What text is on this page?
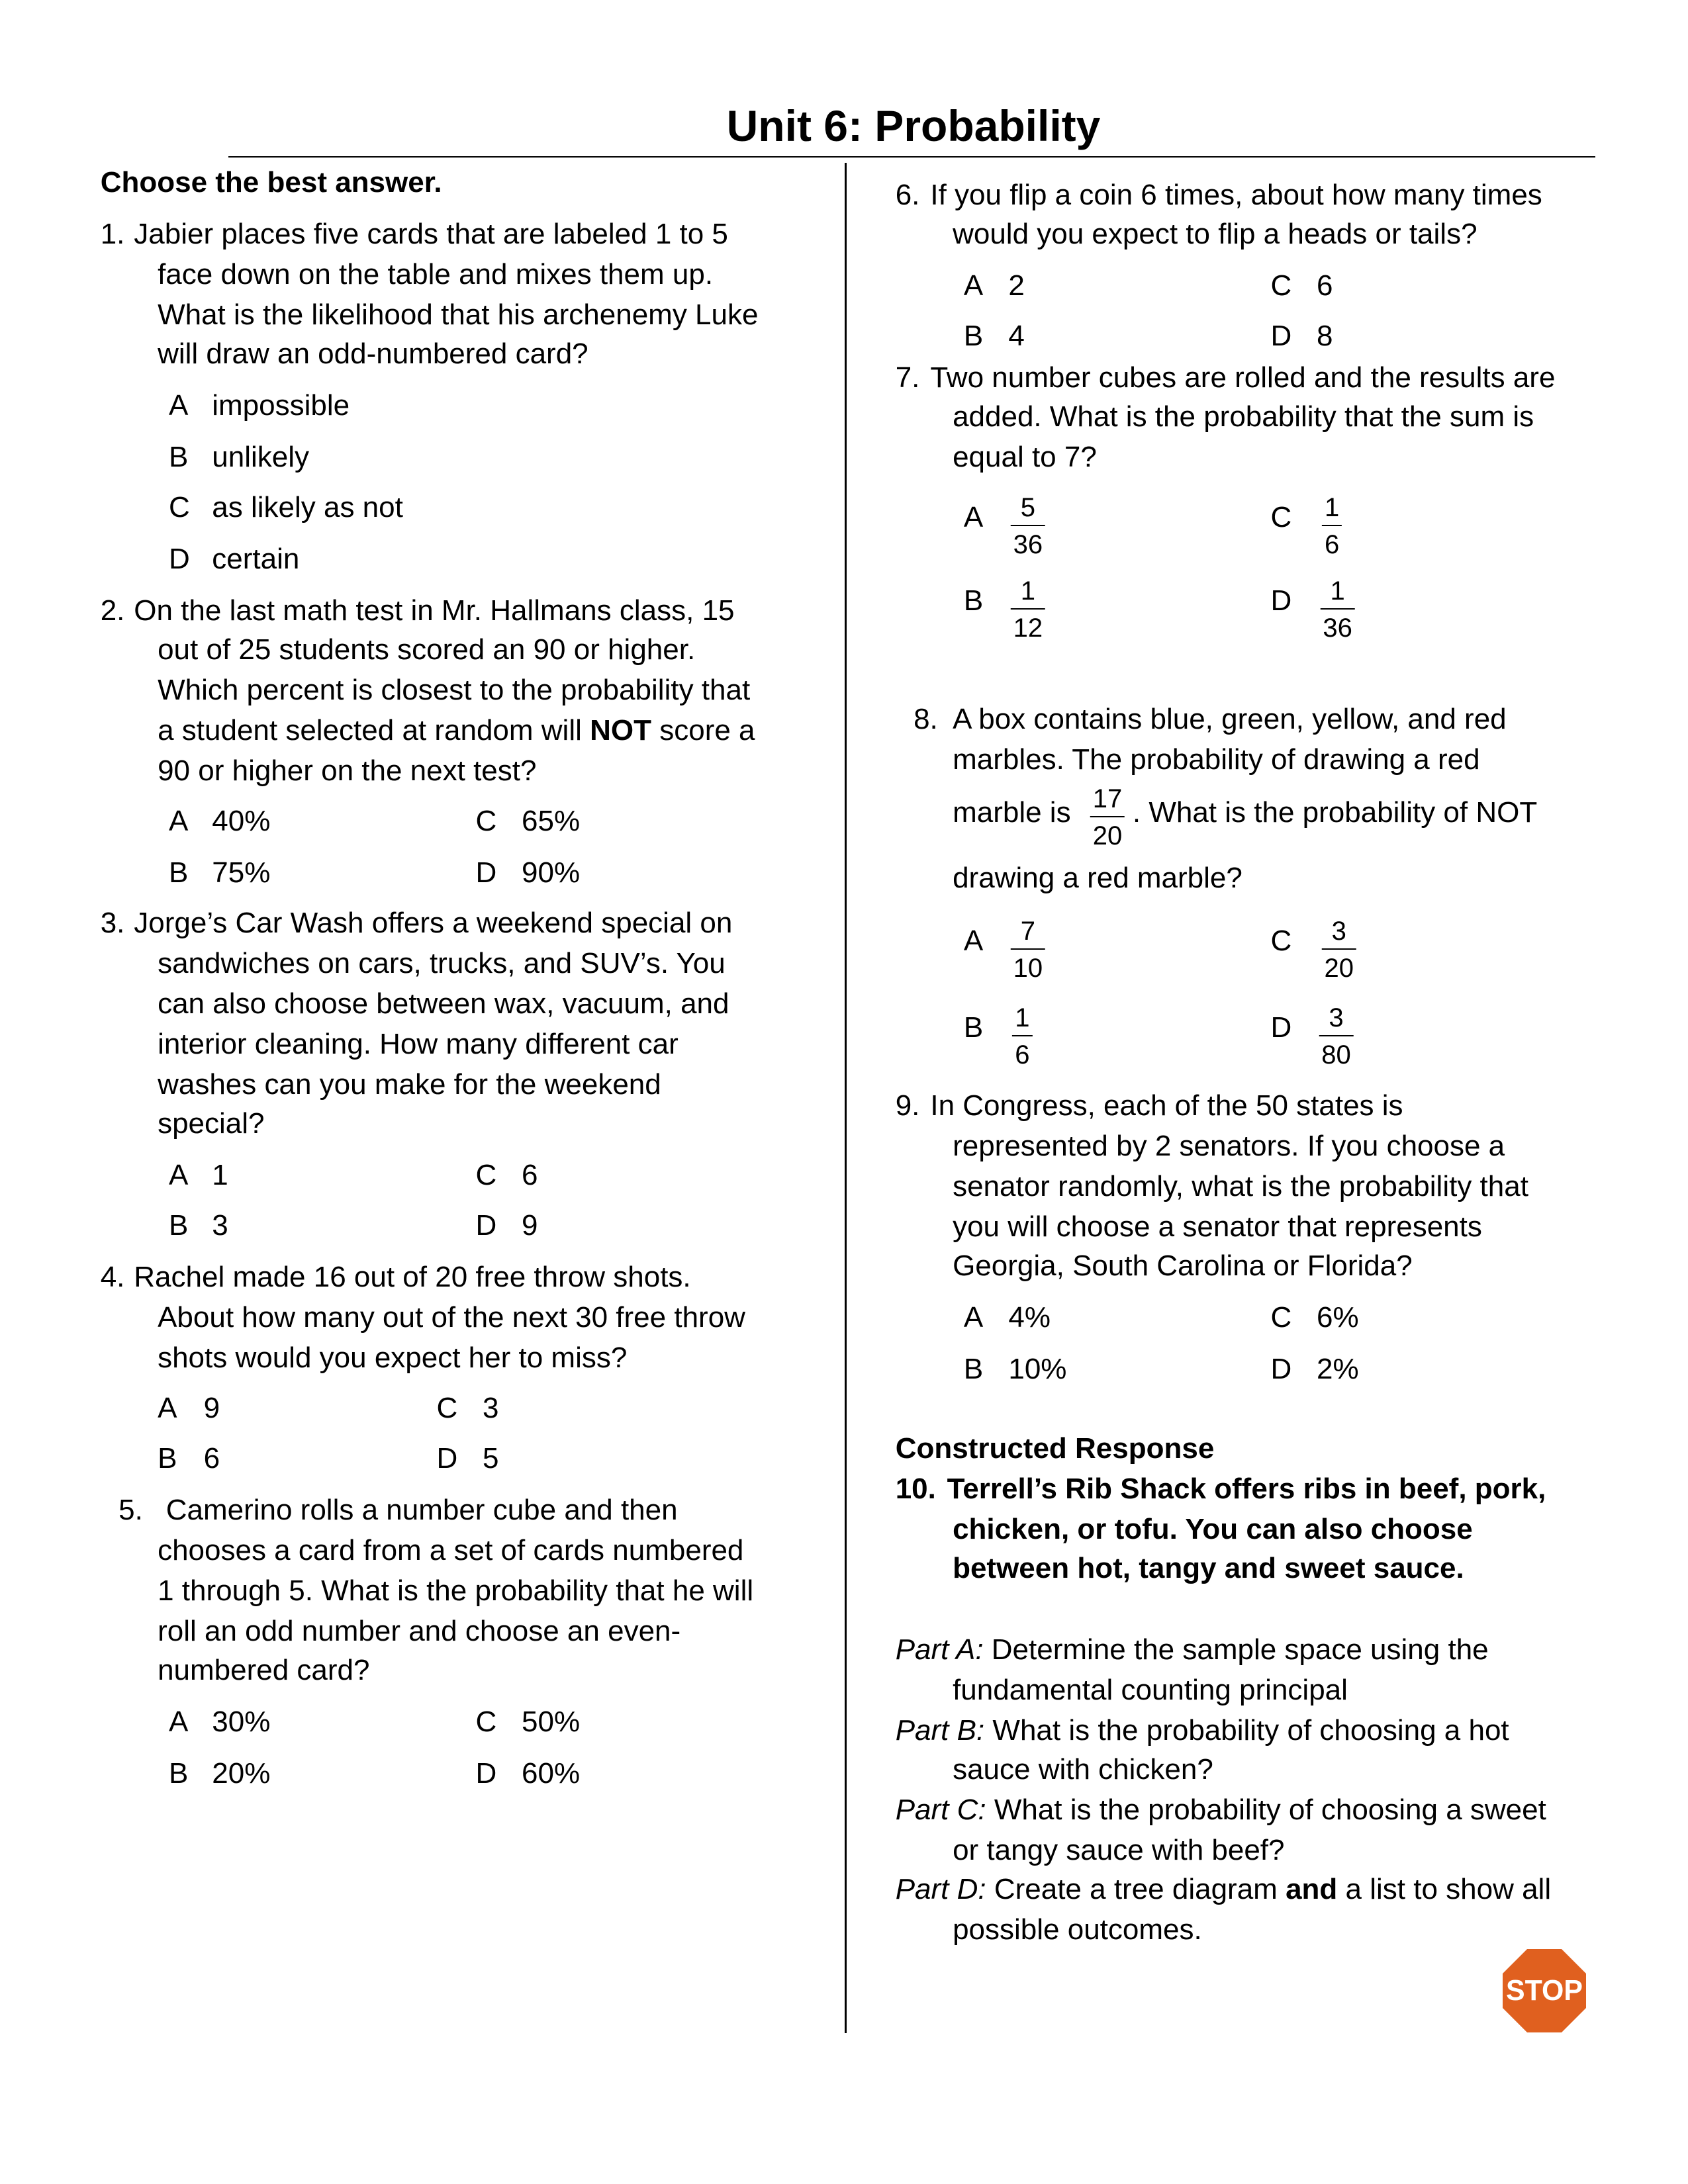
Unit 6: Probability
Choose the best answer.
1. Jabier places five cards that are labeled 1 to 5
face down on the table and mixes them up.
What is the likelihood that his archenemy Luke
will draw an odd-numbered card?
A impossible
B unlikely
C as likely as not
D certain
2. On the last math test in Mr. Hallmans class, 15
out of 25 students scored an 90 or higher.
Which percent is closest to the probability that
a student selected at random will NOT score a
90 or higher on the next test?
A 40%
B 75%
C 65%
D 90%
3. Jorge’s Car Wash offers a weekend special on
sandwiches on cars, trucks, and SUV’s. You
can also choose between wax, vacuum, and
interior cleaning. How many different car
washes can you make for the weekend
special?
A 1
B 3
C 6
D 9
4. Rachel made 16 out of 20 free throw shots.
About how many out of the next 30 free throw
shots would you expect her to miss?
A 9
B 6
C 3
D 5
5. Camerino rolls a number cube and then
chooses a card from a set of cards numbered
1 through 5. What is the probability that he will
roll an odd number and choose an even-
numbered card?
A 30%
B 20%
C 50%
D 60%
6. If you flip a coin 6 times, about how many times
would you expect to flip a heads or tails?
A 2
B 4
C 6
D 8
7. Two number cubes are rolled and the results are
added. What is the probability that the sum is
equal to 7?
A $\frac{5}{36}$
B $\frac{1}{12}$
C $\frac{1}{6}$
D $\frac{1}{36}$
8. A box contains blue, green, yellow, and red
marbles. The probability of drawing a red
drawing a red marble?
marble is $\frac{17}{20}$ . What is the probability of NOT
A $\frac{7}{10}$
B $\frac{1}{6}$
C $\frac{3}{20}$
D $\frac{3}{80}$
9. In Congress, each of the 50 states is
represented by 2 senators. If you choose a
senator randomly, what is the probability that
you will choose a senator that represents
Georgia, South Carolina or Florida?
A 4%
B 10%
C 6%
D 2%
Constructed Response
10. Terrell’s Rib Shack offers ribs in beef, pork,
chicken, or tofu. You can also choose
between hot, tangy and sweet sauce.
Part A: Determine the sample space using the
fundamental counting principal
Part B: What is the probability of choosing a hot
sauce with chicken?
Part C: What is the probability of choosing a sweet
or tangy sauce with beef?
Part D: Create a tree diagram and a list to show all
possible outcomes.
STOP
